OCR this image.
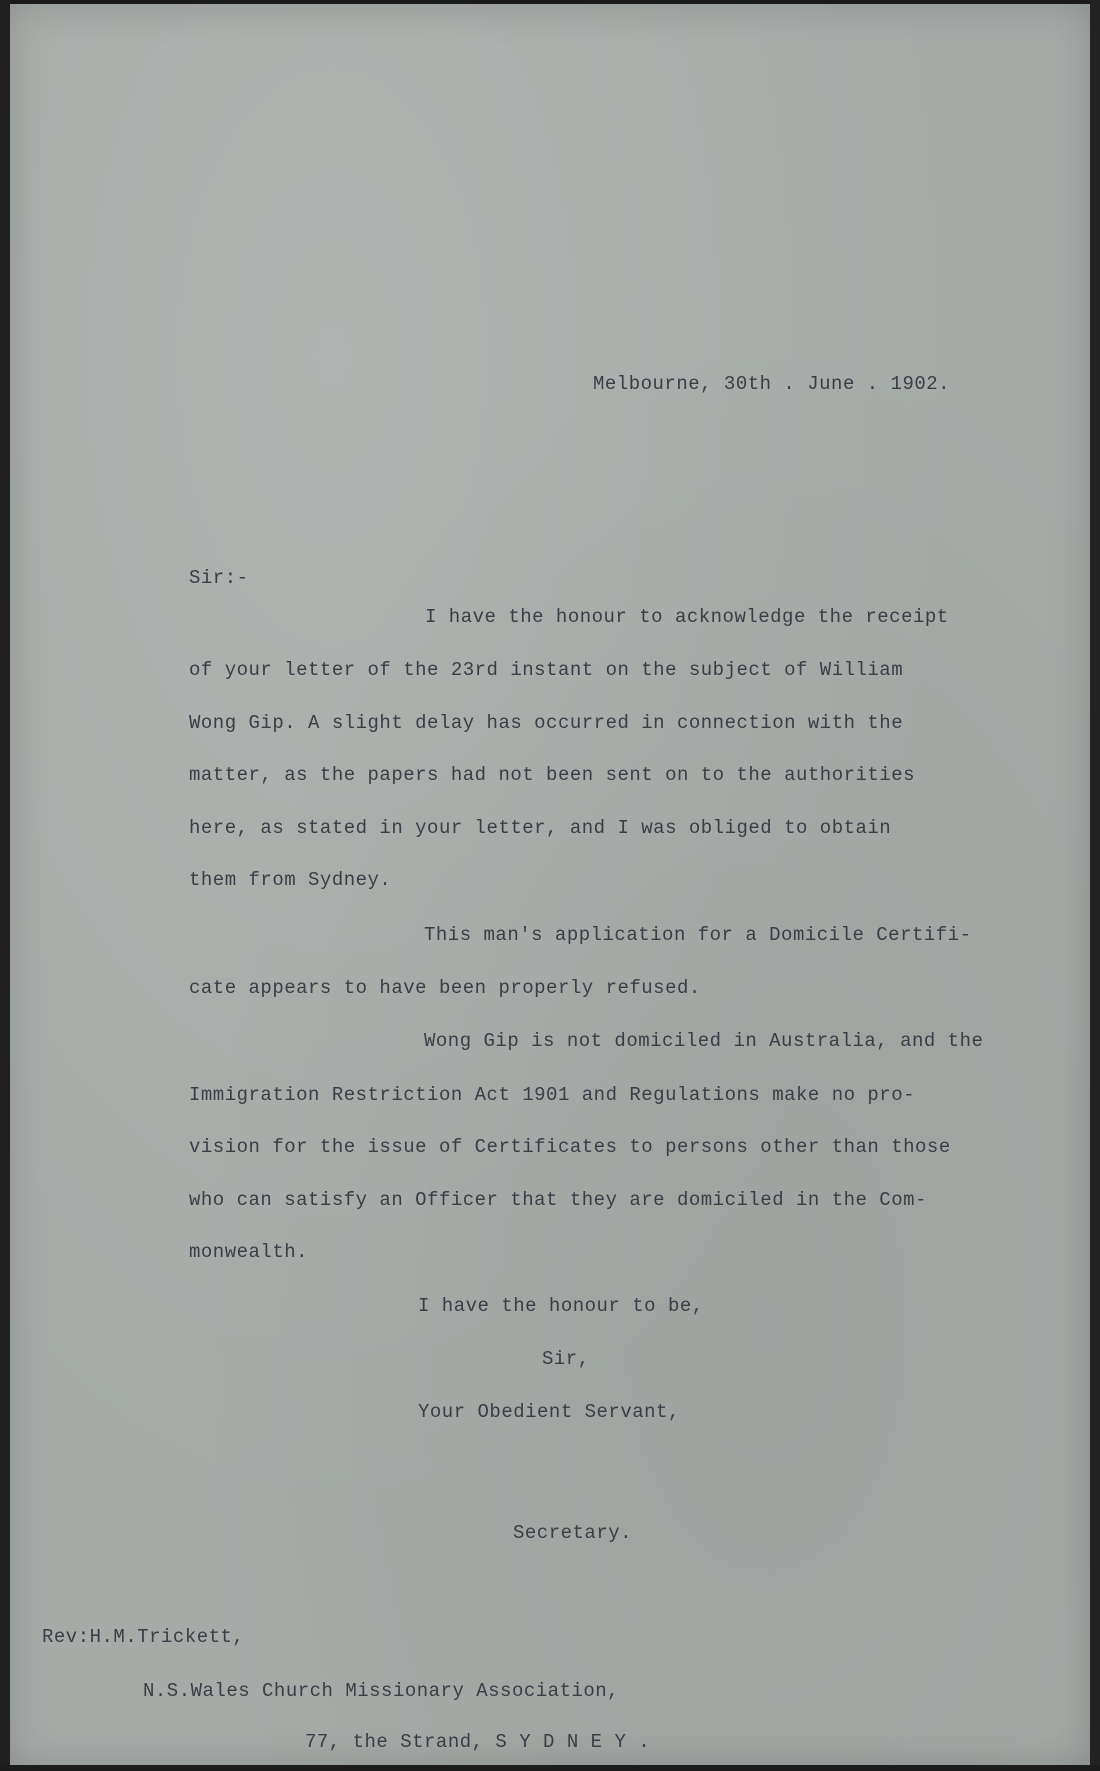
Melbourne, 30th . June . 1902.

Sir:-

I have the honour to acknowledge the receipt

of your letter of the 23rd instant on the subject of William

Wong Gip. A slight delay has occurred in connection with the

matter, as the papers had not been sent on to the authorities

here, as stated in your letter, and I was obliged to obtain

them from Sydney.

This man's application for a Domicile Certifi-

cate appears to have been properly refused.

Wong Gip is not domiciled in Australia, and the

Immigration Restriction Act 1901 and Regulations make no pro-

vision for the issue of Certificates to persons other than those

who can satisfy an Officer that they are domiciled in the Com-

monwealth.

I have the honour to be,

Sir,

Your Obedient Servant,

Secretary.

Rev:H.M.Trickett,

N.S.Wales Church Missionary Association,

77, the Strand, S Y D N E Y .
